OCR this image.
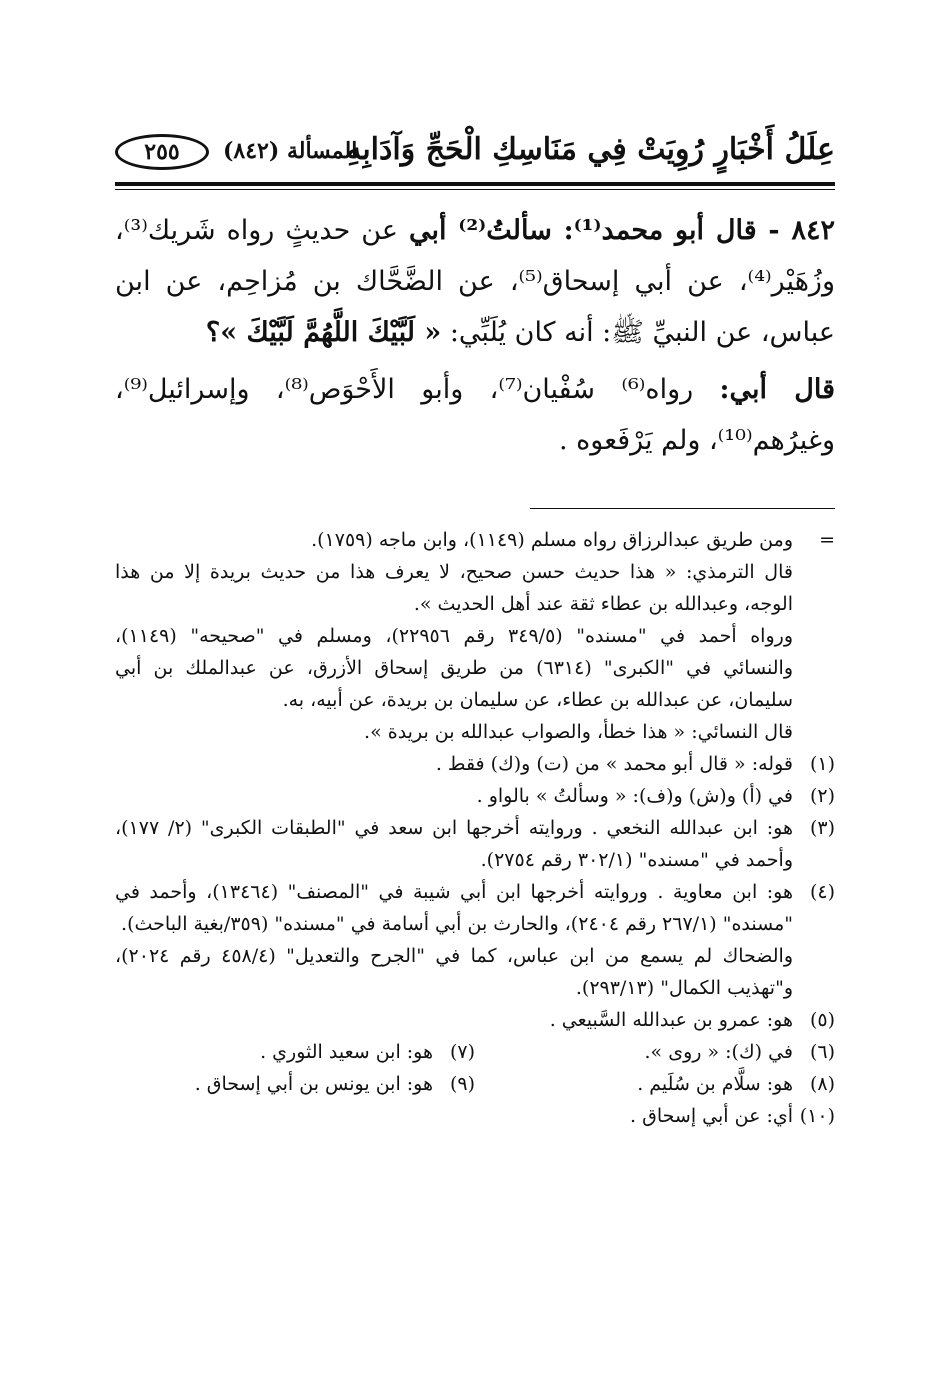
عِلَلُ أَخْبَارٍ رُوِيَتْ فِي مَنَاسِكِ الْحَجِّ وَآدَابِهِ
المسألة (٨٤٢)
٢٥٥

٨٤٢ - قال أبو محمد⁽¹⁾: سألتُ⁽²⁾ أبي عن حديثٍ رواه شَريك⁽³⁾، وزُهَيْر⁽⁴⁾، عن أبي إسحاق⁽⁵⁾، عن الضَّحَّاك بن مُزاحِم، عن ابن عباس، عن النبيِّ ﷺ: أنه كان يُلَبِّي: « لَبَّيْكَ اللَّهُمَّ لَبَّيْكَ »؟

قال أبي: رواه⁽⁶⁾ سُفْيان⁽⁷⁾، وأبو الأَحْوَص⁽⁸⁾، وإسرائيل⁽⁹⁾، وغيرُهم⁽¹⁰⁾، ولم يَرْفَعوه .

=
ومن طريق عبدالرزاق رواه مسلم (١١٤٩)، وابن ماجه (١٧٥٩).
قال الترمذي: « هذا حديث حسن صحيح، لا يعرف هذا من حديث بريدة إلا من هذا الوجه، وعبدالله بن عطاء ثقة عند أهل الحديث ».
ورواه أحمد في "مسنده" (٣٤٩/٥ رقم ٢٢٩٥٦)، ومسلم في "صحيحه" (١١٤٩)، والنسائي في "الكبرى" (٦٣١٤) من طريق إسحاق الأزرق، عن عبدالملك بن أبي سليمان، عن عبدالله بن عطاء، عن سليمان بن بريدة، عن أبيه، به.
قال النسائي: « هذا خطأ، والصواب عبدالله بن بريدة ».
(١)
قوله: « قال أبو محمد » من (ت) و(ك) فقط .
(٢)
في (أ) و(ش) و(ف): « وسألتُ » بالواو .
(٣)
هو: ابن عبدالله النخعي . وروايته أخرجها ابن سعد في "الطبقات الكبرى" (٢/ ١٧٧)، وأحمد في "مسنده" (٣٠٢/١ رقم ٢٧٥٤).
(٤)
هو: ابن معاوية . وروايته أخرجها ابن أبي شيبة في "المصنف" (١٣٤٦٤)، وأحمد في "مسنده" (٢٦٧/١ رقم ٢٤٠٤)، والحارث بن أبي أسامة في "مسنده" (٣٥٩/بغية الباحث).
والضحاك لم يسمع من ابن عباس، كما في "الجرح والتعديل" (٤٥٨/٤ رقم ٢٠٢٤)، و"تهذيب الكمال" (٢٩٣/١٣).
(٥)
هو: عمرو بن عبدالله السَّبيعي .
(٦)
في (ك): « روى ».
(٧)
هو: ابن سعيد الثوري .
(٨)
هو: سلَّام بن سُلَيم .
(٩)
هو: ابن يونس بن أبي إسحاق .
(١٠)
أي: عن أبي إسحاق .
